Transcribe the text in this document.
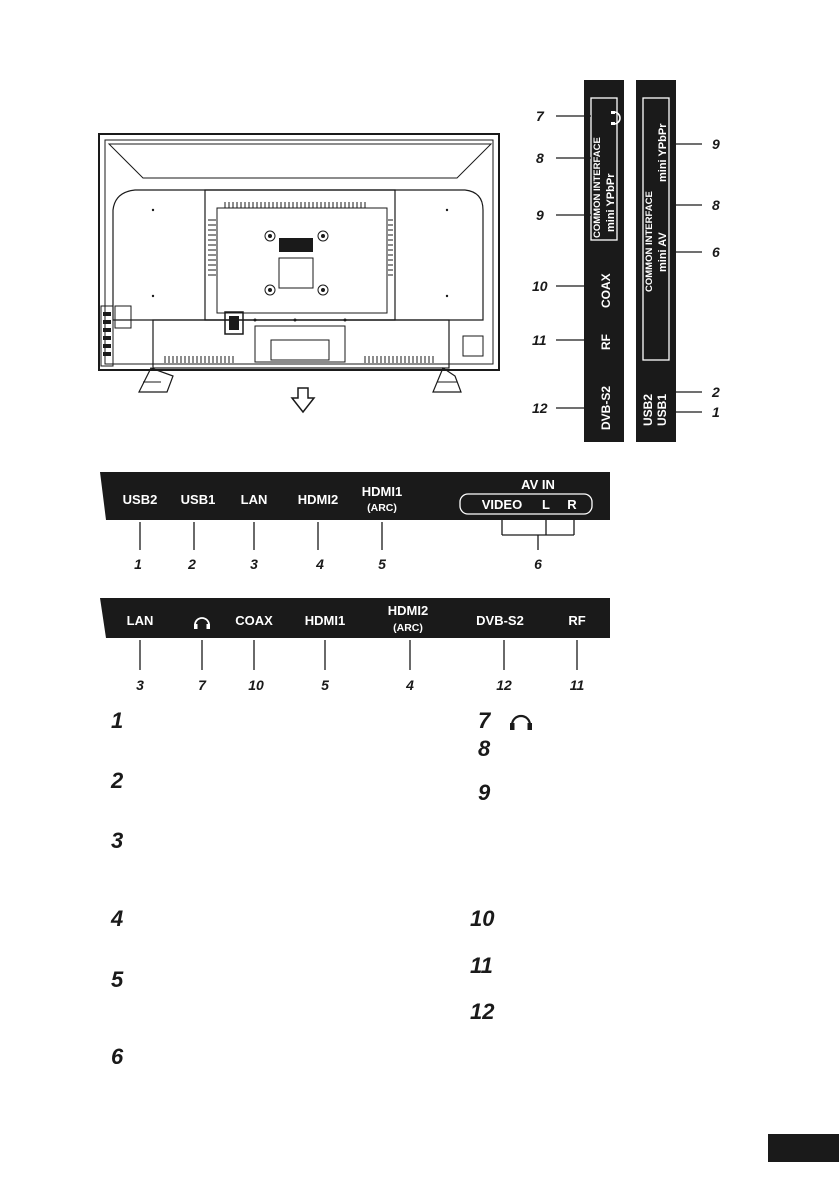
COMMON INTERFACE mini YPbPr
COAX
RF
DVB-S2
COMMON INTERFACE
mini YPbPr
mini AV
USB2 USB1
7
8
9
10
11
12
9
8
6
2
1
USB2 USB1 LAN HDMI2
HDMI1
(ARC)
AV IN
VIDEO L R
1	2	3	4	5	6
LAN	COAX HDMI1
HDMI2
(ARC)	DVB-S2	RF
3	7	10	5	4	12	11
1
2
3
4
5
6
7
8
9
10
11
12
